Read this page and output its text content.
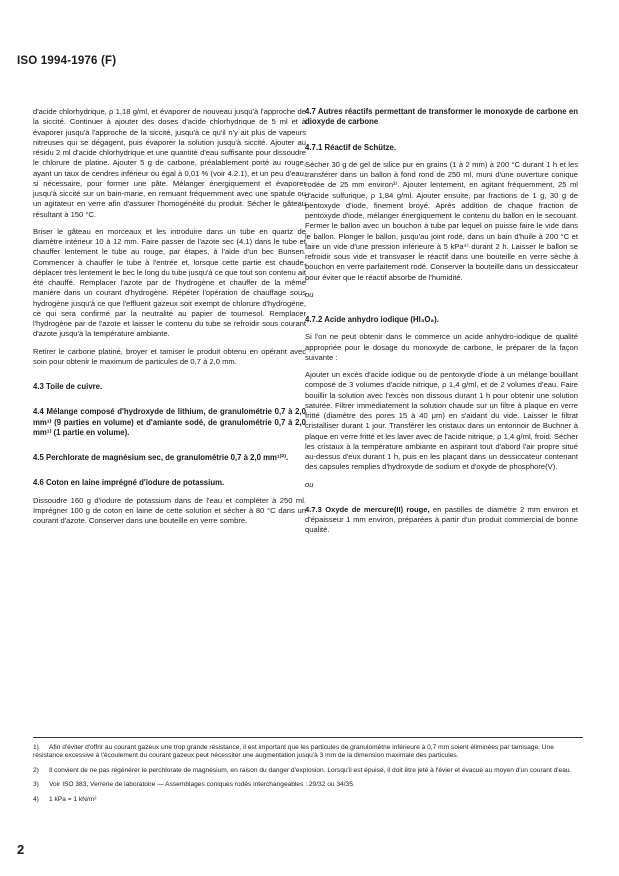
ISO 1994-1976 (F)

d'acide chlorhydrique, ρ 1,18 g/ml, et évaporer de nouveau jusqu'à l'approche de la siccité. Continuer à ajouter des doses d'acide chlorhydrique de 5 ml et à évaporer jusqu'à l'approche de la siccité, jusqu'à ce qu'il n'y ait plus de vapeurs nitreuses qui se dégagent, puis évaporer la solution jusqu'à siccité. Ajouter au résidu 2 ml d'acide chlorhydrique et une quantité d'eau suffisante pour dissoudre le chlorure de platine. Ajouter 5 g de carbone, préalablement porté au rouge, ayant un taux de cendres inférieur ou égal à 0,01 % (voir 4.2.1), et un peu d'eau, si nécessaire, pour former une pâte. Mélanger énergiquement et évaporer jusqu'à siccité sur un bain-marie, en remuant fréquemment avec une spatule ou un agitateur en verre afin d'assurer l'homogénéité du produit. Sécher le gâteau résultant à 150 °C.

Briser le gâteau en morceaux et les introduire dans un tube en quartz de diamètre intérieur 10 à 12 mm. Faire passer de l'azote sec (4.1) dans le tube et chauffer lentement le tube au rouge, par étapes, à l'aide d'un bec Bunsen. Commencer à chauffer le tube à l'entrée et, lorsque cette partie est chaude, déplacer très lentement le bec le long du tube jusqu'à ce que tout son contenu ait été chauffé. Remplacer l'azote par de l'hydrogène et chauffer de la même manière dans un courant d'hydrogène. Répéter l'opération de chauffage sous hydrogène jusqu'à ce que l'effluent gazeux soit exempt de chlorure d'hydrogène, ce qui sera confirmé par la neutralité au papier de tournesol. Remplacer l'hydrogène par de l'azote et laisser le contenu du tube se refroidir sous courant d'azote jusqu'à la température ambiante.

Retirer le carbone platiné, broyer et tamiser le produit obtenu en opérant avec soin pour obtenir le maximum de particules de 0,7 à 2,0 mm.

4.3 Toile de cuivre.
4.4 Mélange composé d'hydroxyde de lithium, de granulométrie 0,7 à 2,0 mm¹⁾ (9 parties en volume) et d'amiante sodé, de granulométrie 0,7 à 2,0 mm¹⁾ (1 partie en volume).
4.5 Perchlorate de magnésium sec, de granulométrie 0,7 à 2,0 mm¹⁾²⁾.
4.6 Coton en laine imprégné d'iodure de potassium.

Dissoudre 160 g d'iodure de potassium dans de l'eau et compléter à 250 ml. Imprégner 100 g de coton en laine de cette solution et sécher à 80 °C dans un courant d'azote. Conserver dans une bouteille en verre sombre.

4.7 Autres réactifs permettant de transformer le monoxyde de carbone en dioxyde de carbone
4.7.1 Réactif de Schütze.

Sécher 30 g de gel de silice pur en grains (1 à 2 mm) à 200 °C durant 1 h et les transférer dans un ballon à fond rond de 250 ml, muni d'une ouverture conique rodée de 25 mm environ³⁾. Ajouter lentement, en agitant fréquemment, 25 ml d'acide sulfurique, ρ 1,84 g/ml. Ajouter ensuite, par fractions de 1 g, 30 g de pentoxyde d'iode, finement broyé. Après addition de chaque fraction de pentoxyde d'iode, mélanger énergiquement le contenu du ballon en le secouant. Fermer le ballon avec un bouchon à tube par lequel on puisse faire le vide dans le ballon. Plonger le ballon, jusqu'au joint rodé, dans un bain d'huile à 200 °C et faire un vide d'une pression inférieure à 5 kPa⁴⁾ durant 2 h. Laisser le ballon se refroidir sous vide et transvaser le réactif dans une bouteille en verre sèche à bouchon en verre parfaitement rodé. Conserver la bouteille dans un dessiccateur pour éviter que le réactif absorbe de l'humidité.

ou
4.7.2 Acide anhydro iodique (HI₃O₈).

Si l'on ne peut obtenir dans le commerce un acide anhydro-iodique de qualité appropriée pour le dosage du monoxyde de carbone, le préparer de la façon suivante :

Ajouter un excès d'acide iodique ou de pentoxyde d'iode à un mélange bouillant composé de 3 volumes d'acide nitrique, ρ 1,4 g/ml, et de 2 volumes d'eau. Faire bouillir la solution avec l'excès non dissous durant 1 h pour obtenir une solution saturée. Filtrer immédiatement la solution chaude sur un filtre à plaque en verre fritté (diamètre des pores 15 à 40 μm) en s'aidant du vide. Laisser le filtrat cristalliser durant 1 jour. Transférer les cristaux dans un entonnoir de Buchner à plaque en verre fritté et les laver avec de l'acide nitrique, ρ 1,4 g/ml, froid. Sécher les cristaux à la température ambiante en aspirant tout d'abord l'air propre situé au-dessus d'eux durant 1 h, puis en les plaçant dans un dessiccateur contenant des capsules remplies d'hydroxyde de sodium et d'oxyde de phosphore(V).

ou

4.7.3 Oxyde de mercure(II) rouge, en pastilles de diamètre 2 mm environ et d'épaisseur 1 mm environ, préparées à partir d'un produit commercial de bonne qualité.

1) Afin d'éviter d'offrir au courant gazeux une trop grande résistance, il est important que les particules de granulométrie inférieure à 0,7 mm soient éliminées par tamisage. Une résistance excessive à l'écoulement du courant gazeux peut nécessiter une augmentation jusqu'à 3 mm de la dimension maximale des particules.

2) Il convient de ne pas régénérer le perchlorate de magnésium, en raison du danger d'explosion. Lorsqu'il est épuisé, il doit être jeté à l'évier et évacué au moyen d'un courant d'eau.

3) Voir ISO 383, Verrerie de laboratoire — Assemblages coniques rodés interchangeables : 29/32 ou 34/35.

4) 1 kPa = 1 kN/m²

2
